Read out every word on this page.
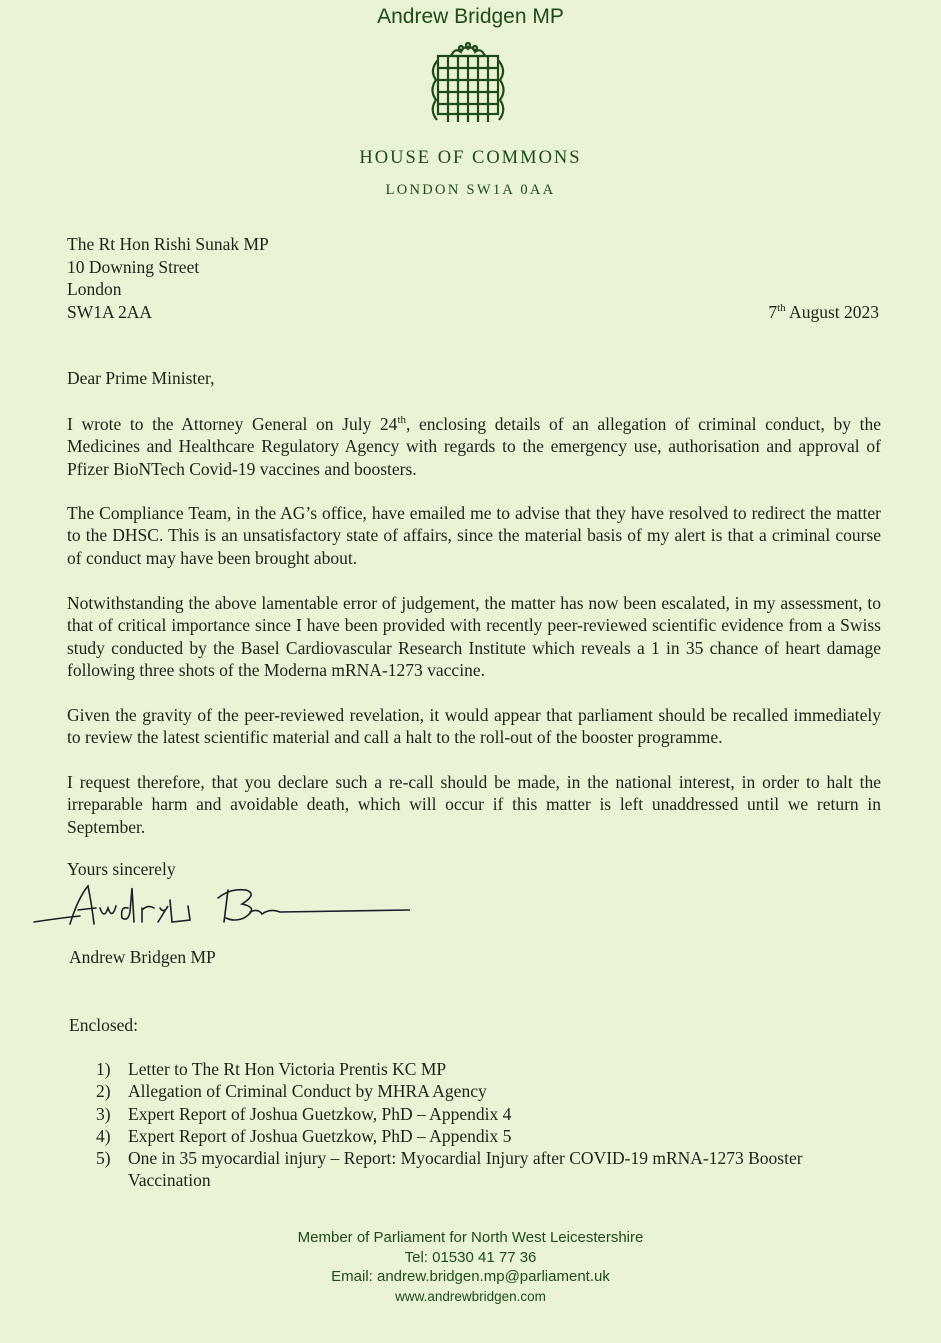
Andrew Bridgen MP
HOUSE OF COMMONS
LONDON SW1A 0AA
The Rt Hon Rishi Sunak MP
10 Downing Street
London
SW1A 2AA	7th August 2023
Dear Prime Minister,

I wrote to the Attorney General on July 24th, enclosing details of an allegation of criminal conduct, by the Medicines and Healthcare Regulatory Agency with regards to the emergency use, authorisation and approval of Pfizer BioNTech Covid-19 vaccines and boosters.

The Compliance Team, in the AG’s office, have emailed me to advise that they have resolved to redirect the matter to the DHSC. This is an unsatisfactory state of affairs, since the material basis of my alert is that a criminal course of conduct may have been brought about.

Notwithstanding the above lamentable error of judgement, the matter has now been escalated, in my assessment, to that of critical importance since I have been provided with recently peer-reviewed scientific evidence from a Swiss study conducted by the Basel Cardiovascular Research Institute which reveals a 1 in 35 chance of heart damage following three shots of the Moderna mRNA-1273 vaccine.

Given the gravity of the peer-reviewed revelation, it would appear that parliament should be recalled immediately to review the latest scientific material and call a halt to the roll-out of the booster programme.

I request therefore, that you declare such a re-call should be made, in the national interest, in order to halt the irreparable harm and avoidable death, which will occur if this matter is left unaddressed until we return in September.

Yours sincerely
Andrew Bridgen MP
Enclosed:
1) Letter to The Rt Hon Victoria Prentis KC MP
2) Allegation of Criminal Conduct by MHRA Agency
3) Expert Report of Joshua Guetzkow, PhD – Appendix 4
4) Expert Report of Joshua Guetzkow, PhD – Appendix 5
5) One in 35 myocardial injury – Report: Myocardial Injury after COVID-19 mRNA-1273 Booster Vaccination
Member of Parliament for North West Leicestershire
Tel: 01530 41 77 36
Email: andrew.bridgen.mp@parliament.uk
www.andrewbridgen.com
